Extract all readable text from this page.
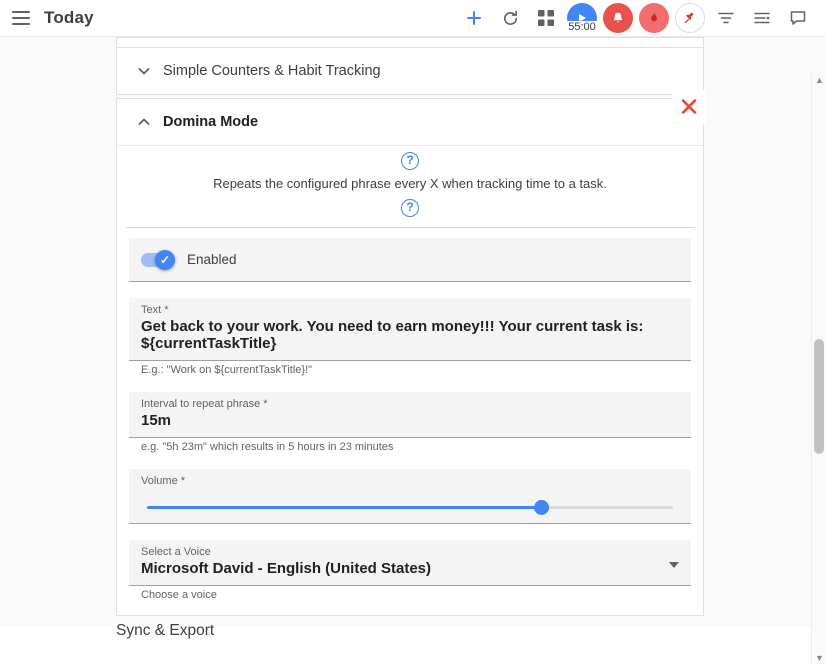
Today	55:00
Simple Counters & Habit Tracking
Domina Mode
?
Repeats the configured phrase every X when tracking time to a task.
?
✓	Enabled
Text *
Get back to your work. You need to earn money!!! Your current task is: ${currentTaskTitle}
E.g.: "Work on ${currentTaskTitle}!"
Interval to repeat phrase *
15m
e.g. "5h 23m" which results in 5 hours in 23 minutes
Volume *
Select a Voice
Microsoft David - English (United States)
Choose a voice
✕
Sync & Export
▲
▼
